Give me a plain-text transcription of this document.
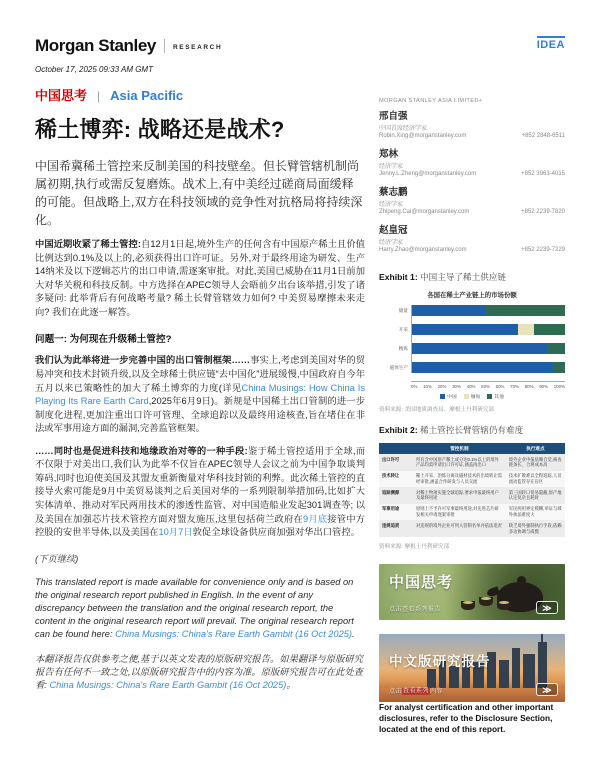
Morgan Stanley	RESEARCH	IDEA
October 17, 2025 09:33 AM GMT
中国思考 | Asia Pacific
稀土博弈: 战略还是战术?

中国希冀稀土管控来反制美国的科技壁垒。但长臂管辖机制尚属初期,执行或需反复磨炼。战术上,有中美经过磋商局面缓释的可能。但战略上,双方在科技领域的竞争性对抗格局将持续深化。

中国近期收紧了稀土管控:自12月1日起,境外生产的任何含有中国原产稀土且价值比例达到0.1%及以上的,必须获得出口许可证。另外,对于最终用途为研发、生产14纳米及以下逻辑芯片的出口申请,需逐案审批。对此,美国已威胁在11月1日前加大对华关税和科技反制。中方选择在APEC领导人会晤前夕出台该举措,引发了诸多疑问: 此举背后有何战略考量? 稀土长臂管辖效力如何? 中美贸易摩擦未来走向? 我们在此逐一解答。

问题一: 为何现在升级稀土管控?

我们认为此举将进一步完善中国的出口管制框架……事实上,考虑到美国对华的贸易冲突和技术封锁升级,以及全球稀土供应链“去中国化”进展缓慢,中国政府自今年五月以来已策略性的加大了稀土博弈的力度(详见China Musings: How China Is Playing Its Rare Earth Card,2025年6月9日)。新规是中国稀土出口管制的进一步制度化进程,更加注重出口许可管理、全球追踪以及最终用途核查,旨在堵住在非法或军事用途方面的漏洞,完善监管框架。

……同时也是促进科技和地缘政治对等的一种手段:鉴于稀土管控适用于全球,而不仅限于对美出口,我们认为此举不仅旨在APEC领导人会议之前为中国争取谈判筹码,同时也迫使美国及其盟友重新衡量对华科技封锁的利弊。此次稀土管控的直接导火索可能是9月中美贸易谈判之后美国对华的一系列限制举措加码,比如扩大实体清单、推动对军民两用技术的渗透性监管、对中国造船业发起301调查等; 以及美国在加强芯片技术管控方面对盟友施压,这里包括荷兰政府在9月底接管中方控股的安世半导体,以及美国在10月7日敦促全球设备供应商加强对华出口管控。

(下页继续)

This translated report is made available for convenience only and is based on the original research report published in English. In the event of any discrepancy between the translation and the original research report, the content in the original research report will prevail. The original research report can be found here: China Musings: China's Rare Earth Gambit (16 Oct 2025).

本翻译报告仅供参考之便,基于以英文发表的原版研究报告。如果翻译与原版研究报告有任何不一致之处,以原版研究报告中的内容为准。原版研究报告可在此处查看: China Musings: China's Rare Earth Gambit (16 Oct 2025)。

MORGAN STANLEY ASIA LIMITED+
邢自强
中国首席经济学家
Robin.Xing@morganstanley.com	+852 2848-6511
郑林
经济学家
Jenny.L.Zheng@morganstanley.com	+852 3963-4015
蔡志鹏
经济学家
Zhipeng.Cai@morganstanley.com	+852 2239-7820
赵皇冠
经济学家
Harry.Zhao@morganstanley.com	+852 2239-7229
Exhibit 1: 中国主导了稀土供应链
各国在稀土产业链上的市场份额
储量
开采
精炼
磁体生产
0% 10% 20% 30% 40% 50% 60% 70% 80% 90% 100%
中国	缅甸	其他
资料来源: 美国地质调查局、摩根士丹利研究部
Exhibit 2: 稀土管控长臂管辖仍有难度
	管控机制	执行难点
出口许可	所有含中国原产稀土成分达0.1%以上的境外产品均需申请出口许可证,涵盖再出口	境外企业申报依赖自觉,核查链条长、合规成本高
技术转让	稀土开采、冶炼分离及磁材技术的出境转让需经审批,涵盖合作研发与人员交流	技术扩散难以全程追踪,人员流动监管存在盲区
追踪溯源	对稀土物项实施全球追踪,要求申报最终用户及最终用途	第三国转口贸易隐蔽,原产地认定复杂且耗时
军事用途	原则上不予许可军事最终用途,对先进芯片研发相关申请逐案审批	军民两用界定模糊,举证与域外执法难度大
违规追责	对违规的境外企业可列入管制名单并依法追责	缺乏境外强制执行手段,依赖多边协调与威慑
资料来源: 摩根士丹利研究部
中国思考
点击查看系列报告	≫
中文版研究报告
点击查看系列内容	≫
For analyst certification and other important disclosures, refer to the Disclosure Section, located at the end of this report.
